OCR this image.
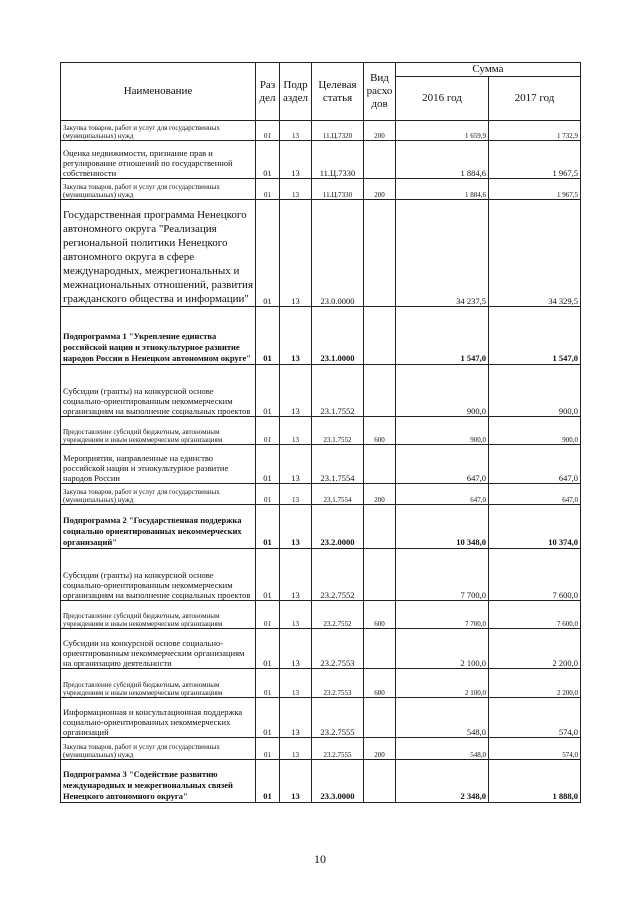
Наименование	Раз дел	Подр аздел	Целевая статья	Вид расхо дов	Сумма	
					2016 год	2017 год
Закупка товаров, работ и услуг для государственных (муниципальных) нужд	01	13	11.Ц.7320	200	1 659,9	1 732,9
Оценка недвижимости, признание прав и регулирование отношений по государственной собственности	01	13	11.Ц.7330		1 884,6	1 967,5
Закупка товаров, работ и услуг для государственных (муниципальных) нужд	01	13	11.Ц.7330	200	1 884,6	1 967,5
Государственная программа Ненецкого автономного округа "Реализация региональной политики Ненецкого автономного округа в сфере международных, межрегиональных и межнациональных отношений, развития гражданского общества и информации"	01	13	23.0.0000		34 237,5	34 329,5
Подпрограмма 1 "Укрепление единства российской нации и этнокультурное развитие народов России в Ненецком автономном округе"	01	13	23.1.0000		1 547,0	1 547,0
Субсидии (гранты) на конкурсной основе социально-ориентированным некоммерческим организациям на выполнение социальных проектов	01	13	23.1.7552		900,0	900,0
Предоставление субсидий бюджетным, автономным учреждениям и иным некоммерческим организациям	01	13	23.1.7552	600	900,0	900,0
Мероприятия, направленные на единство российской нации и этнокультурное развитие народов России	01	13	23.1.7554		647,0	647,0
Закупка товаров, работ и услуг для государственных (муниципальных) нужд	01	13	23.1.7554	200	647,0	647,0
Подпрограмма 2 "Государственная поддержка социально ориентированных некоммерческих организаций"	01	13	23.2.0000		10 348,0	10 374,0
Субсидии (гранты) на конкурсной основе социально-ориентированным некоммерческим организациям на выполнение социальных проектов	01	13	23.2.7552		7 700,0	7 600,0
Предоставление субсидий бюджетным, автономным учреждениям и иным некоммерческим организациям	01	13	23.2.7552	600	7 700,0	7 600,0
Субсидии на конкурсной основе социально-ориентированным некоммерческим организациям на организацию деятельности	01	13	23.2.7553		2 100,0	2 200,0
Предоставление субсидий бюджетным, автономным учреждениям и иным некоммерческим организациям	01	13	23.2.7553	600	2 100,0	2 200,0
Информационная и консультационная поддержка социально-ориентированных некоммерческих организаций	01	13	23.2.7555		548,0	574,0
Закупка товаров, работ и услуг для государственных (муниципальных) нужд	01	13	23.2.7555	200	548,0	574,0
Подпрограмма 3 "Содействие развитию международных и межрегиональных связей Ненецкого автономного округа"	01	13	23.3.0000		2 348,0	1 888,0
10
